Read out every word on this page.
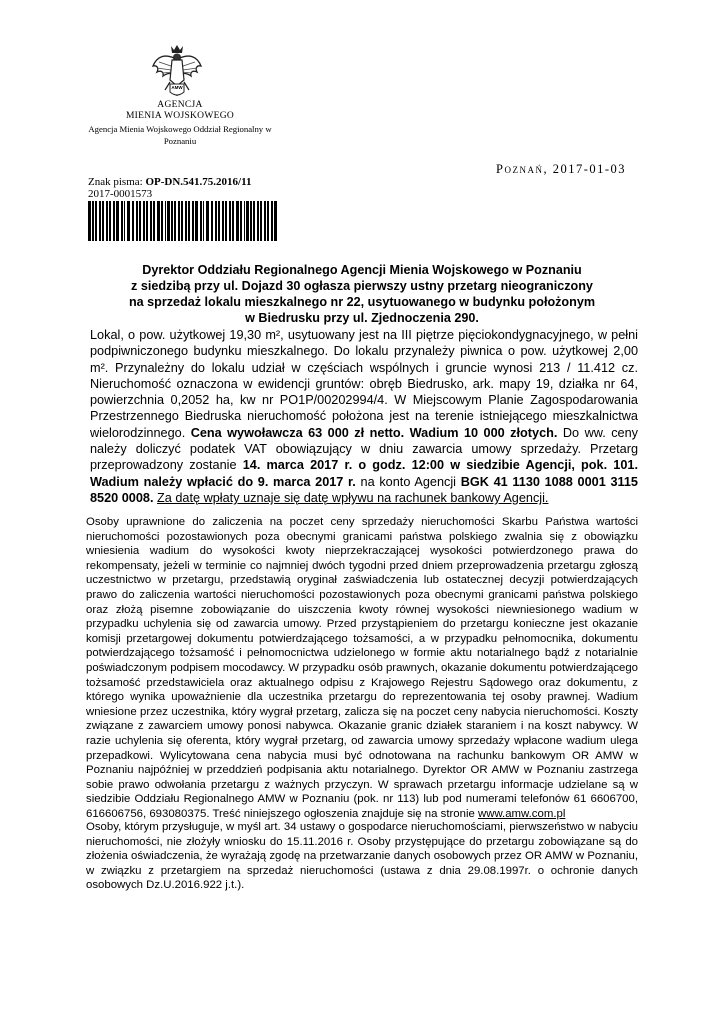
AMW
AGENCJA
MIENIA WOJSKOWEGO
Agencja Mienia Wojskowego Oddział Regionalny w
Poznaniu
Poznań, 2017-01-03
Znak pisma: OP-DN.541.75.2016/11
2017-0001573
Dyrektor Oddziału Regionalnego Agencji Mienia Wojskowego w Poznaniu
z siedzibą przy ul. Dojazd 30 ogłasza pierwszy ustny przetarg nieograniczony
na sprzedaż lokalu mieszkalnego nr 22, usytuowanego w budynku położonym
w Biedrusku przy ul. Zjednoczenia 290.
Lokal, o pow. użytkowej 19,30 m², usytuowany jest na III piętrze pięciokondygnacyjnego, w pełni podpiwniczonego budynku mieszkalnego. Do lokalu przynależy piwnica o pow. użytkowej 2,00 m². Przynależny do lokalu udział w częściach wspólnych i gruncie wynosi 213 / 11.412 cz. Nieruchomość oznaczona w ewidencji gruntów: obręb Biedrusko, ark. mapy 19, działka nr 64, powierzchnia 0,2052 ha, kw nr PO1P/00202994/4. W Miejscowym Planie Zagospodarowania Przestrzennego Biedruska nieruchomość położona jest na terenie istniejącego mieszkalnictwa wielorodzinnego. Cena wywoławcza 63 000 zł netto. Wadium 10 000 złotych. Do ww. ceny należy doliczyć podatek VAT obowiązujący w dniu zawarcia umowy sprzedaży. Przetarg przeprowadzony zostanie 14. marca 2017 r. o godz. 12:00 w siedzibie Agencji, pok. 101. Wadium należy wpłacić do 9. marca 2017 r. na konto Agencji BGK 41 1130 1088 0001 3115 8520 0008. Za datę wpłaty uznaje się datę wpływu na rachunek bankowy Agencji.
Osoby uprawnione do zaliczenia na poczet ceny sprzedaży nieruchomości Skarbu Państwa wartości nieruchomości pozostawionych poza obecnymi granicami państwa polskiego zwalnia się z obowiązku wniesienia wadium do wysokości kwoty nieprzekraczającej wysokości potwierdzonego prawa do rekompensaty, jeżeli w terminie co najmniej dwóch tygodni przed dniem przeprowadzenia przetargu zgłoszą uczestnictwo w przetargu, przedstawią oryginał zaświadczenia lub ostatecznej decyzji potwierdzających prawo do zaliczenia wartości nieruchomości pozostawionych poza obecnymi granicami państwa polskiego oraz złożą pisemne zobowiązanie do uiszczenia kwoty równej wysokości niewniesionego wadium w przypadku uchylenia się od zawarcia umowy. Przed przystąpieniem do przetargu konieczne jest okazanie komisji przetargowej dokumentu potwierdzającego tożsamości, a w przypadku pełnomocnika, dokumentu potwierdzającego tożsamość i pełnomocnictwa udzielonego w formie aktu notarialnego bądź z notarialnie poświadczonym podpisem mocodawcy. W przypadku osób prawnych, okazanie dokumentu potwierdzającego tożsamość przedstawiciela oraz aktualnego odpisu z Krajowego Rejestru Sądowego oraz dokumentu, z którego wynika upoważnienie dla uczestnika przetargu do reprezentowania tej osoby prawnej. Wadium wniesione przez uczestnika, który wygrał przetarg, zalicza się na poczet ceny nabycia nieruchomości. Koszty związane z zawarciem umowy ponosi nabywca. Okazanie granic działek staraniem i na koszt nabywcy. W razie uchylenia się oferenta, który wygrał przetarg, od zawarcia umowy sprzedaży wpłacone wadium ulega przepadkowi. Wylicytowana cena nabycia musi być odnotowana na rachunku bankowym OR AMW w Poznaniu najpóźniej w przeddzień podpisania aktu notarialnego. Dyrektor OR AMW w Poznaniu zastrzega sobie prawo odwołania przetargu z ważnych przyczyn. W sprawach przetargu informacje udzielane są w siedzibie Oddziału Regionalnego AMW w Poznaniu (pok. nr 113) lub pod numerami telefonów 61 6606700, 616606756, 693080375. Treść niniejszego ogłoszenia znajduje się na stronie www.amw.com.pl
Osoby, którym przysługuje, w myśl art. 34 ustawy o gospodarce nieruchomościami, pierwszeństwo w nabyciu nieruchomości, nie złożyły wniosku do 15.11.2016 r. Osoby przystępujące do przetargu zobowiązane są do złożenia oświadczenia, że wyrażają zgodę na przetwarzanie danych osobowych przez OR AMW w Poznaniu, w związku z przetargiem na sprzedaż nieruchomości (ustawa z dnia 29.08.1997r. o ochronie danych osobowych Dz.U.2016.922 j.t.).
